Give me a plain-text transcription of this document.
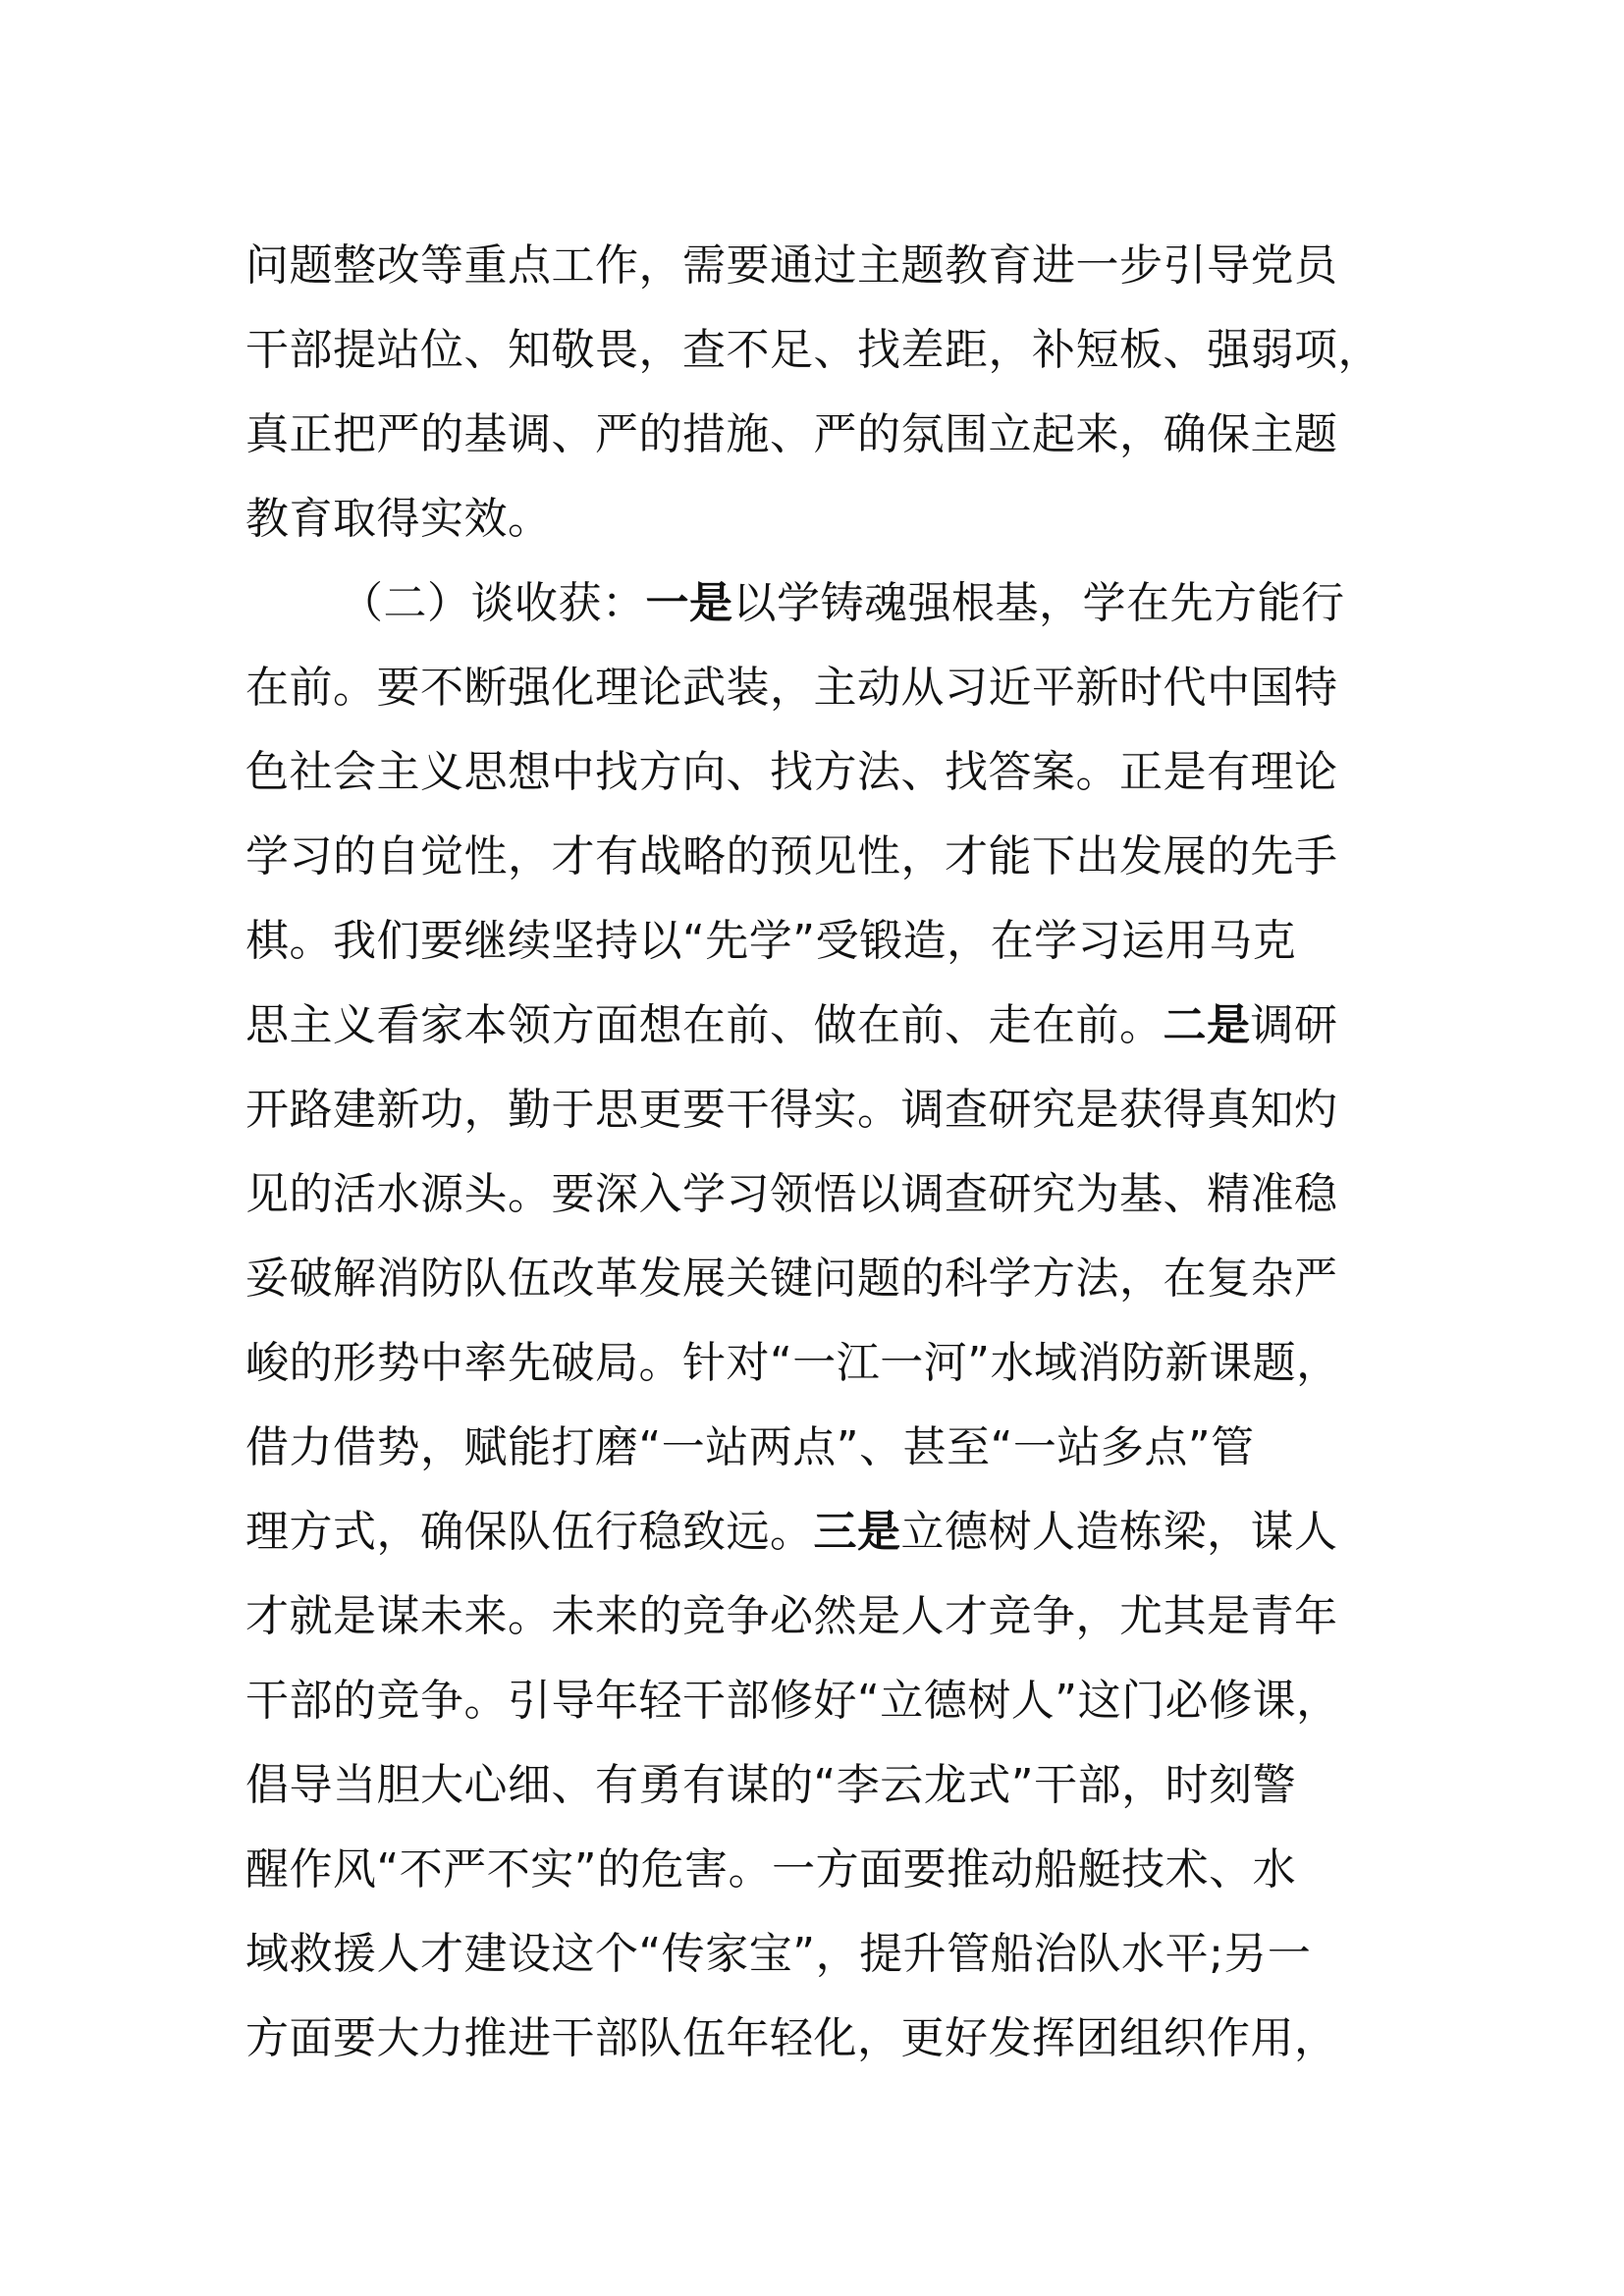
问题整改等重点工作，需要通过主题教育进一步引导党员
干部提站位、知敬畏，查不足、找差距，补短板、强弱项，
真正把严的基调、严的措施、严的氛围立起来，确保主题
教育取得实效。
（二）谈收获：一是以学铸魂强根基，学在先方能行
在前。要不断强化理论武装，主动从习近平新时代中国特
色社会主义思想中找方向、找方法、找答案。正是有理论
学习的自觉性，才有战略的预见性，才能下出发展的先手
棋。我们要继续坚持以“先学”受锻造，在学习运用马克
思主义看家本领方面想在前、做在前、走在前。二是调研
开路建新功，勤于思更要干得实。调查研究是获得真知灼
见的活水源头。要深入学习领悟以调查研究为基、精准稳
妥破解消防队伍改革发展关键问题的科学方法，在复杂严
峻的形势中率先破局。针对“一江一河”水域消防新课题，
借力借势，赋能打磨“一站两点”、甚至“一站多点”管
理方式，确保队伍行稳致远。三是立德树人造栋梁，谋人
才就是谋未来。未来的竞争必然是人才竞争，尤其是青年
干部的竞争。引导年轻干部修好“立德树人”这门必修课，
倡导当胆大心细、有勇有谋的“李云龙式”干部，时刻警
醒作风“不严不实”的危害。一方面要推动船艇技术、水
域救援人才建设这个“传家宝”，提升管船治队水平;另一
方面要大力推进干部队伍年轻化，更好发挥团组织作用，
